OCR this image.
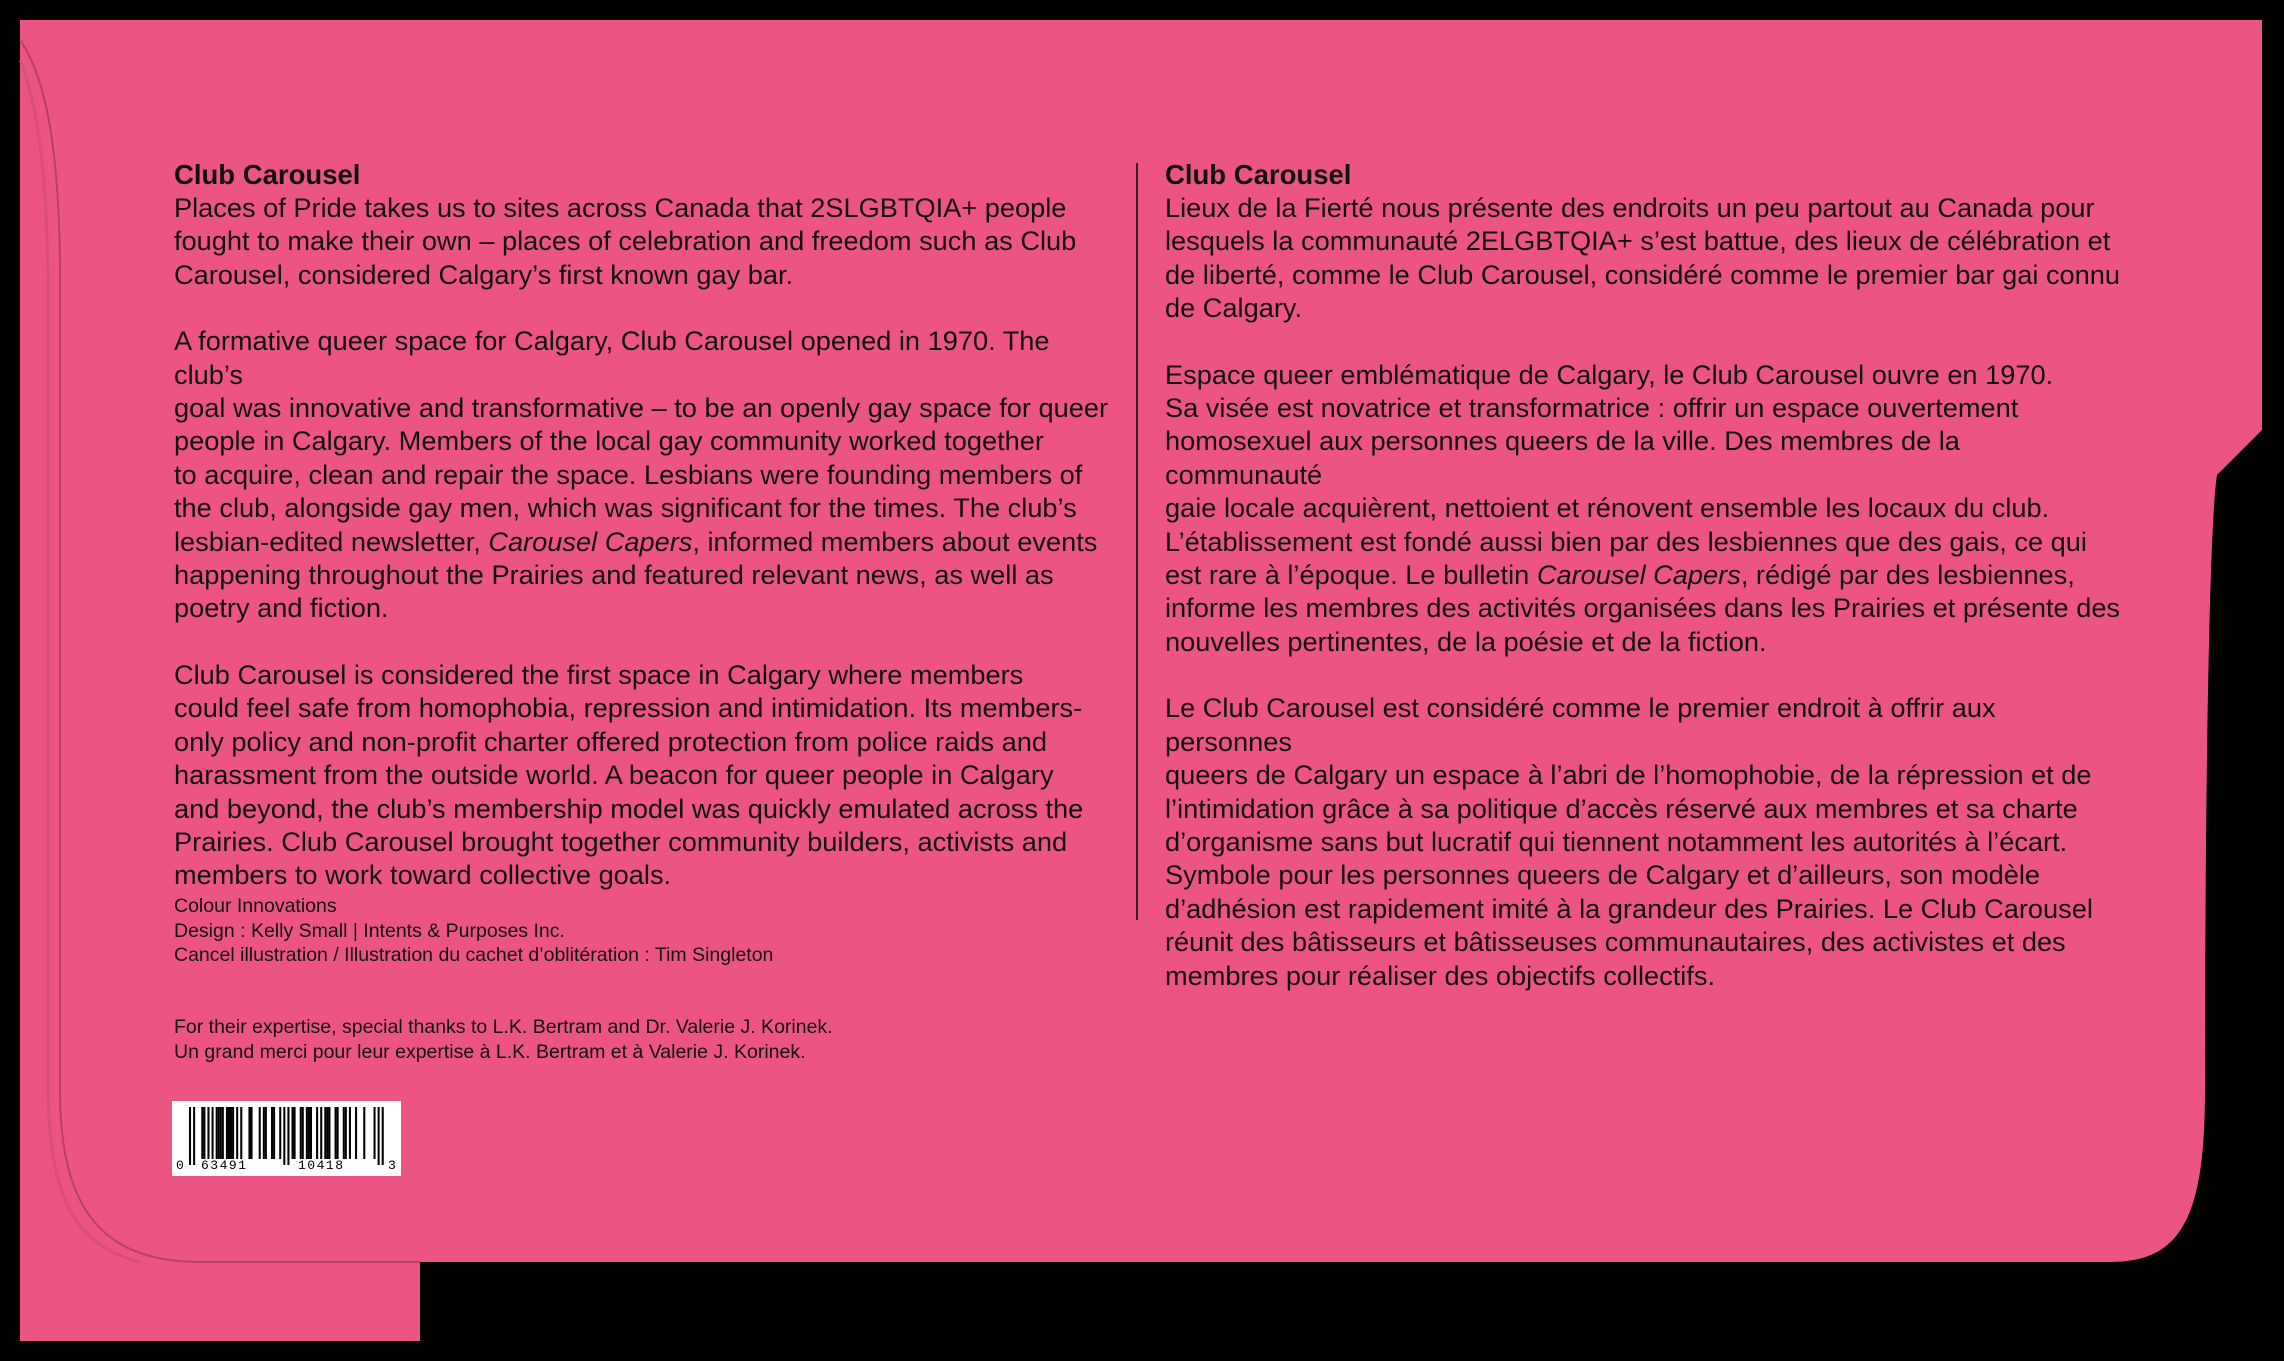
Club Carousel

Places of Pride takes us to sites across Canada that 2SLGBTQIA+ people
fought to make their own – places of celebration and freedom such as Club
Carousel, considered Calgary’s first known gay bar.

A formative queer space for Calgary, Club Carousel opened in 1970. The club’s
goal was innovative and transformative – to be an openly gay space for queer
people in Calgary. Members of the local gay community worked together
to acquire, clean and repair the space. Lesbians were founding members of
the club, alongside gay men, which was significant for the times. The club’s
lesbian-edited newsletter, Carousel Capers, informed members about events
happening throughout the Prairies and featured relevant news, as well as
poetry and fiction.

Club Carousel is considered the first space in Calgary where members
could feel safe from homophobia, repression and intimidation. Its members-
only policy and non-profit charter offered protection from police raids and
harassment from the outside world. A beacon for queer people in Calgary
and beyond, the club’s membership model was quickly emulated across the
Prairies. Club Carousel brought together community builders, activists and
members to work toward collective goals.

Club Carousel

Lieux de la Fierté nous présente des endroits un peu partout au Canada pour
lesquels la communauté 2ELGBTQIA+ s’est battue, des lieux de célébration et
de liberté, comme le Club Carousel, considéré comme le premier bar gai connu
de Calgary.

Espace queer emblématique de Calgary, le Club Carousel ouvre en 1970.
Sa visée est novatrice et transformatrice : offrir un espace ouvertement
homosexuel aux personnes queers de la ville. Des membres de la communauté
gaie locale acquièrent, nettoient et rénovent ensemble les locaux du club.
L’établissement est fondé aussi bien par des lesbiennes que des gais, ce qui
est rare à l’époque. Le bulletin Carousel Capers, rédigé par des lesbiennes,
informe les membres des activités organisées dans les Prairies et présente des
nouvelles pertinentes, de la poésie et de la fiction.

Le Club Carousel est considéré comme le premier endroit à offrir aux personnes
queers de Calgary un espace à l’abri de l’homophobie, de la répression et de
l’intimidation grâce à sa politique d’accès réservé aux membres et sa charte
d’organisme sans but lucratif qui tiennent notamment les autorités à l’écart.
Symbole pour les personnes queers de Calgary et d’ailleurs, son modèle
d’adhésion est rapidement imité à la grandeur des Prairies. Le Club Carousel
réunit des bâtisseurs et bâtisseuses communautaires, des activistes et des
membres pour réaliser des objectifs collectifs.

Colour Innovations
Design : Kelly Small | Intents & Purposes Inc.
Cancel illustration / Illustration du cachet d’oblitération : Tim Singleton
For their expertise, special thanks to L.K. Bertram and Dr. Valerie J. Korinek.
Un grand merci pour leur expertise à L.K. Bertram et à Valerie J. Korinek.
0 63491	10418	3
